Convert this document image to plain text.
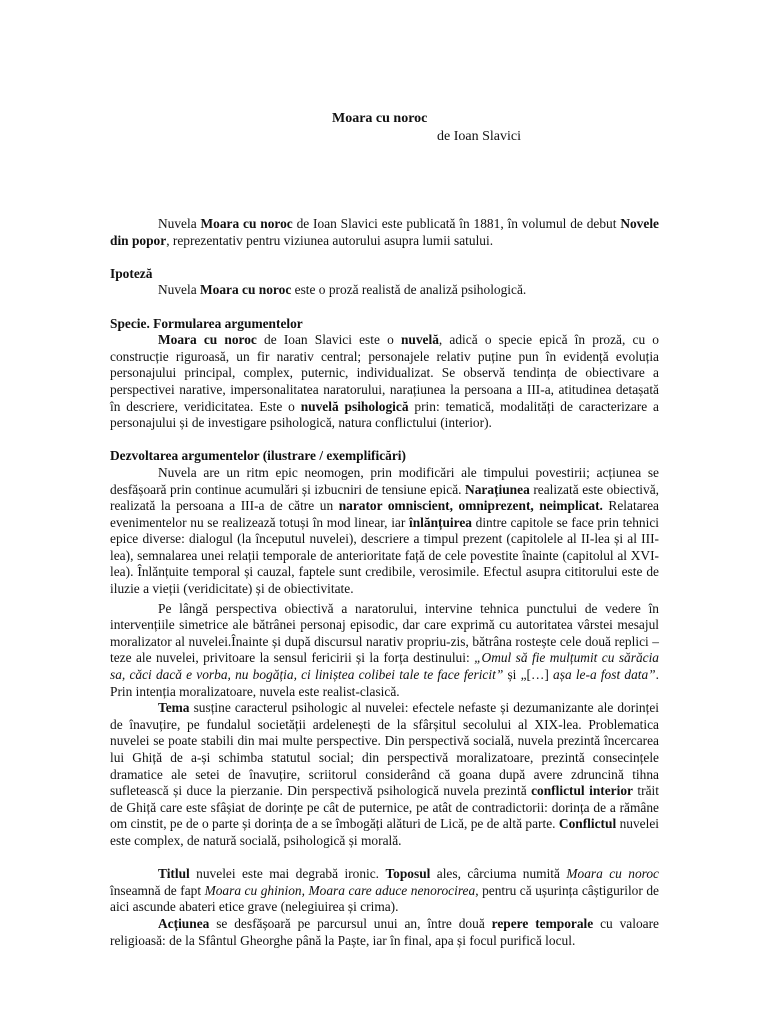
Moara cu noroc

de Ioan Slavici

Nuvela Moara cu noroc de Ioan Slavici este publicată în 1881, în volumul de debut Novele din popor, reprezentativ pentru viziunea autorului asupra lumii satului.

Ipoteză

Nuvela Moara cu noroc este o proză realistă de analiză psihologică.

Specie. Formularea argumentelor

Moara cu noroc de Ioan Slavici este o nuvelă, adică o specie epică în proză, cu o construcție riguroasă, un fir narativ central; personajele relativ puține pun în evidență evoluția personajului principal, complex, puternic, individualizat. Se observă tendința de obiectivare a perspectivei narative, impersonalitatea naratorului, narațiunea la persoana a III-a, atitudinea detașată în descriere, veridicitatea. Este o nuvelă psihologică prin: tematică, modalități de caracterizare a personajului și de investigare psihologică, natura conflictului (interior).

Dezvoltarea argumentelor (ilustrare / exemplificări)

Nuvela are un ritm epic neomogen, prin modificări ale timpului povestirii; acțiunea se desfășoară prin continue acumulări și izbucniri de tensiune epică. Narațiunea realizată este obiectivă, realizată la persoana a III-a de către un narator omniscient, omniprezent, neimplicat. Relatarea evenimentelor nu se realizează totuși în mod linear, iar înlănțuirea dintre capitole se face prin tehnici epice diverse: dialogul (la începutul nuvelei), descriere a timpul prezent (capitolele al II-lea și al III-lea), semnalarea unei relații temporale de anterioritate față de cele povestite înainte (capitolul al XVI-lea). Înlănțuite temporal și cauzal, faptele sunt credibile, verosimile. Efectul asupra cititorului este de iluzie a vieții (veridicitate) și de obiectivitate.

Pe lângă perspectiva obiectivă a naratorului, intervine tehnica punctului de vedere în intervențiile simetrice ale bătrânei personaj episodic, dar care exprimă cu autoritatea vârstei mesajul moralizator al nuvelei.Înainte și după discursul narativ propriu-zis, bătrâna rostește cele două replici – teze ale nuvelei, privitoare la sensul fericirii și la forța destinului: „Omul să fie mulțumit cu sărăcia sa, căci dacă e vorba, nu bogăția, ci liniștea colibei tale te face fericit” și „[…] așa le-a fost data”. Prin intenția moralizatoare, nuvela este realist-clasică.

Tema susține caracterul psihologic al nuvelei: efectele nefaste și dezumanizante ale dorinței de înavuțire, pe fundalul societății ardelenești de la sfârșitul secolului al XIX-lea. Problematica nuvelei se poate stabili din mai multe perspective. Din perspectivă socială, nuvela prezintă încercarea lui Ghiță de a-și schimba statutul social; din perspectivă moralizatoare, prezintă consecințele dramatice ale setei de înavuțire, scriitorul considerând că goana după avere zdruncină tihna sufletească și duce la pierzanie. Din perspectivă psihologică nuvela prezintă conflictul interior trăit de Ghiță care este sfâșiat de dorințe pe cât de puternice, pe atât de contradictorii: dorința de a rămâne om cinstit, pe de o parte și dorința de a se îmbogăți alături de Lică, pe de altă parte. Conflictul nuvelei este complex, de natură socială, psihologică și morală.

Titlul nuvelei este mai degrabă ironic. Toposul ales, cârciuma numită Moara cu noroc înseamnă de fapt Moara cu ghinion, Moara care aduce nenorocirea, pentru că ușurința câștigurilor de aici ascunde abateri etice grave (nelegiuirea și crima).

Acțiunea se desfășoară pe parcursul unui an, între două repere temporale cu valoare religioasă: de la Sfântul Gheorghe până la Paște, iar în final, apa și focul purifică locul.
